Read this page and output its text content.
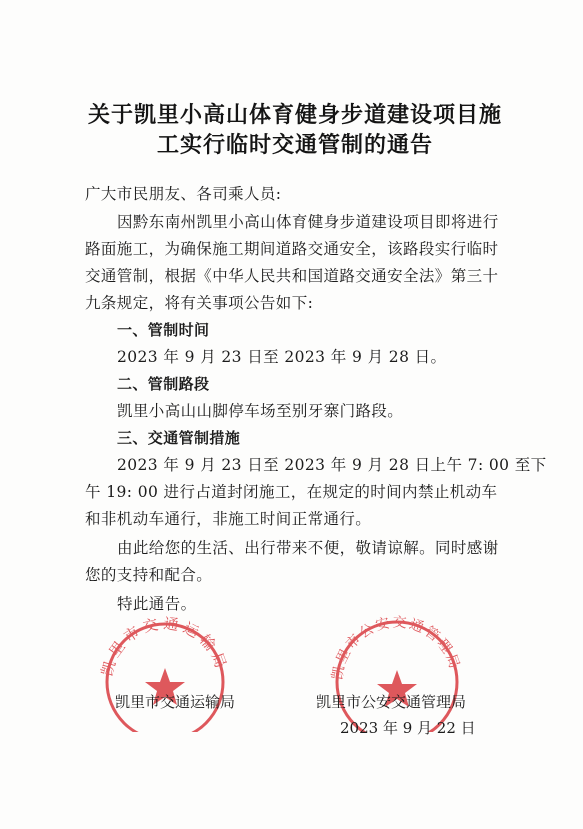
关于凯里小高山体育健身步道建设项目施
工实行临时交通管制的通告
广大市民朋友、各司乘人员:
因黔东南州凯里小高山体育健身步道建设项目即将进行
路面施工，为确保施工期间道路交通安全，该路段实行临时
交通管制，根据《中华人民共和国道路交通安全法》第三十
九条规定，将有关事项公告如下:
一、管制时间
2023 年 9 月 23 日至 2023 年 9 月 28 日。
二、管制路段
凯里小高山山脚停车场至别牙寨门路段。
三、交通管制措施
2023 年 9 月 23 日至 2023 年 9 月 28 日上午 7: 00 至下
午 19: 00 进行占道封闭施工，在规定的时间内禁止机动车
和非机动车通行，非施工时间正常通行。
由此给您的生活、出行带来不便，敬请谅解。同时感谢
您的支持和配合。
特此通告。
凯里市交通运输局	凯里市公安交通管理局
凯里市交通运输局	凯里市公安交通管理局
2023 年 9 月 22 日
